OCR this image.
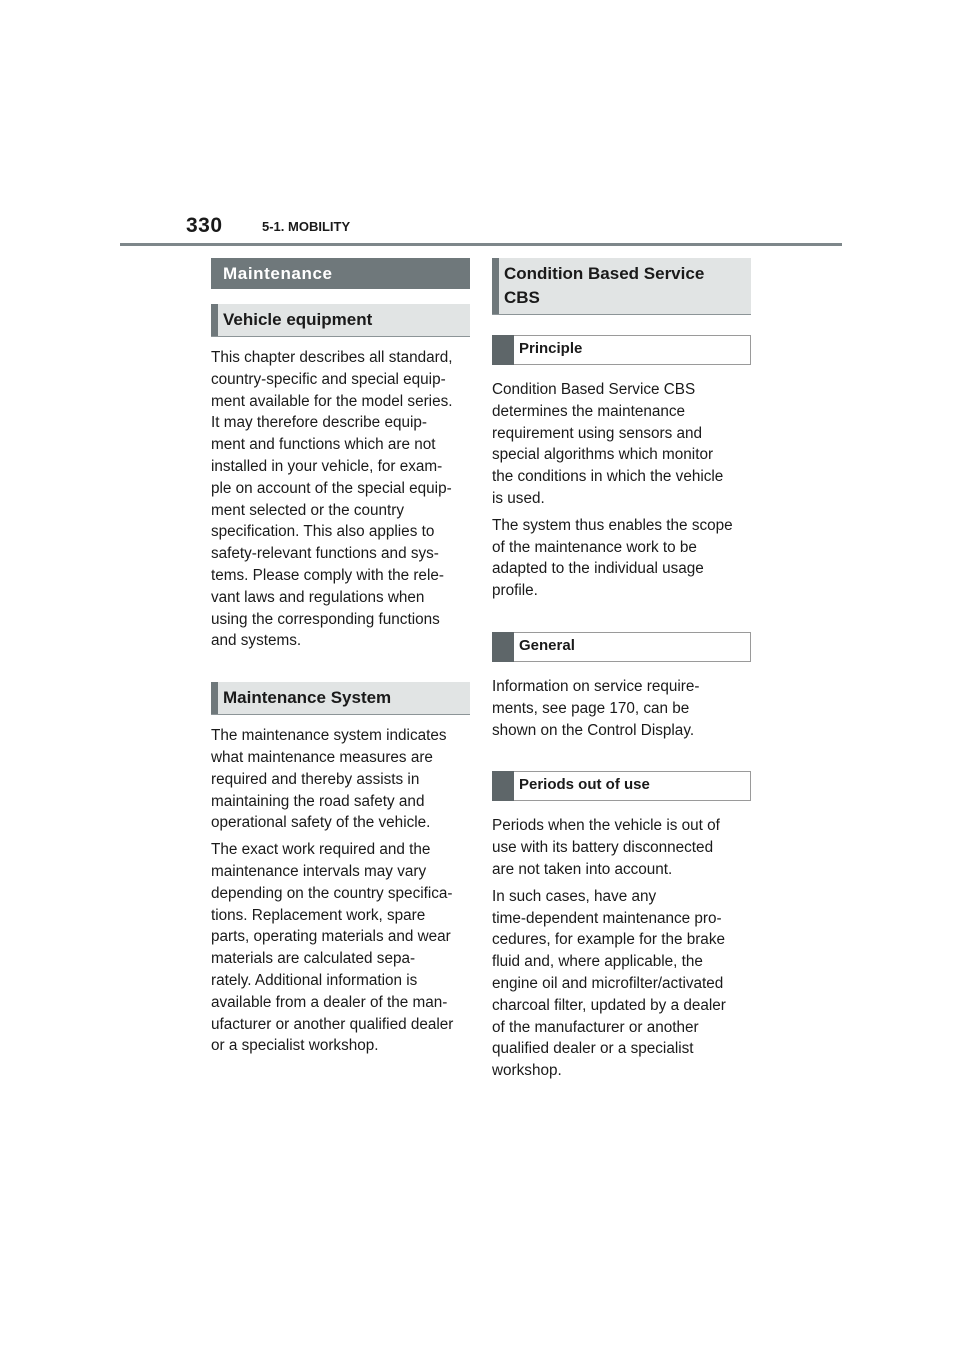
330	5-1. MOBILITY
Maintenance
Vehicle equipment

This chapter describes all standard,

country-specific and special equip-

ment available for the model series.

It may therefore describe equip-

ment and functions which are not

installed in your vehicle, for exam-

ple on account of the special equip-

ment selected or the country

specification. This also applies to

safety-relevant functions and sys-

tems. Please comply with the rele-

vant laws and regulations when

using the corresponding functions

and systems.

Maintenance System

The maintenance system indicates

what maintenance measures are

required and thereby assists in

maintaining the road safety and

operational safety of the vehicle.

The exact work required and the

maintenance intervals may vary

depending on the country specifica-

tions. Replacement work, spare

parts, operating materials and wear

materials are calculated sepa-

rately. Additional information is

available from a dealer of the man-

ufacturer or another qualified dealer

or a specialist workshop.

Condition Based Service
CBS
Principle

Condition Based Service CBS

determines the maintenance

requirement using sensors and

special algorithms which monitor

the conditions in which the vehicle

is used.

The system thus enables the scope

of the maintenance work to be

adapted to the individual usage

profile.

General

Information on service require-

ments, see page 170, can be

shown on the Control Display.

Periods out of use

Periods when the vehicle is out of

use with its battery disconnected

are not taken into account.

In such cases, have any

time-dependent maintenance pro-

cedures, for example for the brake

fluid and, where applicable, the

engine oil and microfilter/activated

charcoal filter, updated by a dealer

of the manufacturer or another

qualified dealer or a specialist

workshop.
